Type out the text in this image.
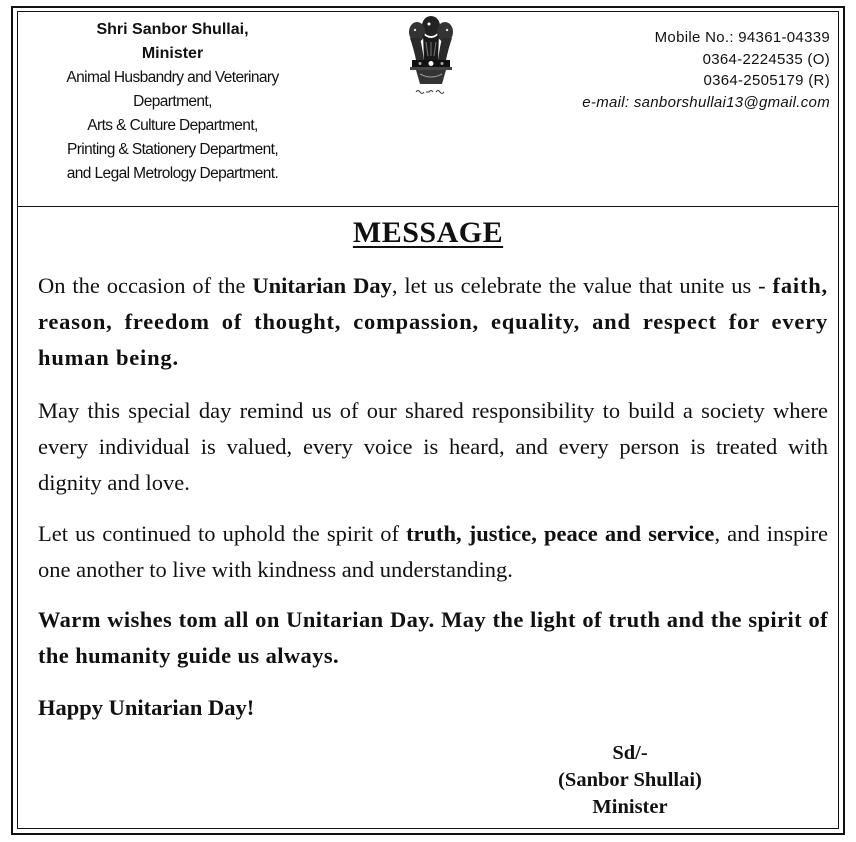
Shri Sanbor Shullai,
Minister
Animal Husbandry and Veterinary
Department,
Arts & Culture Department,
Printing & Stationery Department,
and Legal Metrology Department.
Mobile No.: 94361-04339
0364-2224535 (O)
0364-2505179 (R)
e-mail: sanborshullai13@gmail.com
MESSAGE
On the occasion of the Unitarian Day, let us celebrate the value that unite us - faith, reason, freedom of thought, compassion, equality, and respect for every human being.
May this special day remind us of our shared responsibility to build a society where every individual is valued, every voice is heard, and every person is treated with dignity and love.
Let us continued to uphold the spirit of truth, justice, peace and service, and inspire one another to live with kindness and understanding.
Warm wishes tom all on Unitarian Day. May the light of truth and the spirit of the humanity guide us always.
Happy Unitarian Day!
Sd/-
(Sanbor Shullai)
Minister
